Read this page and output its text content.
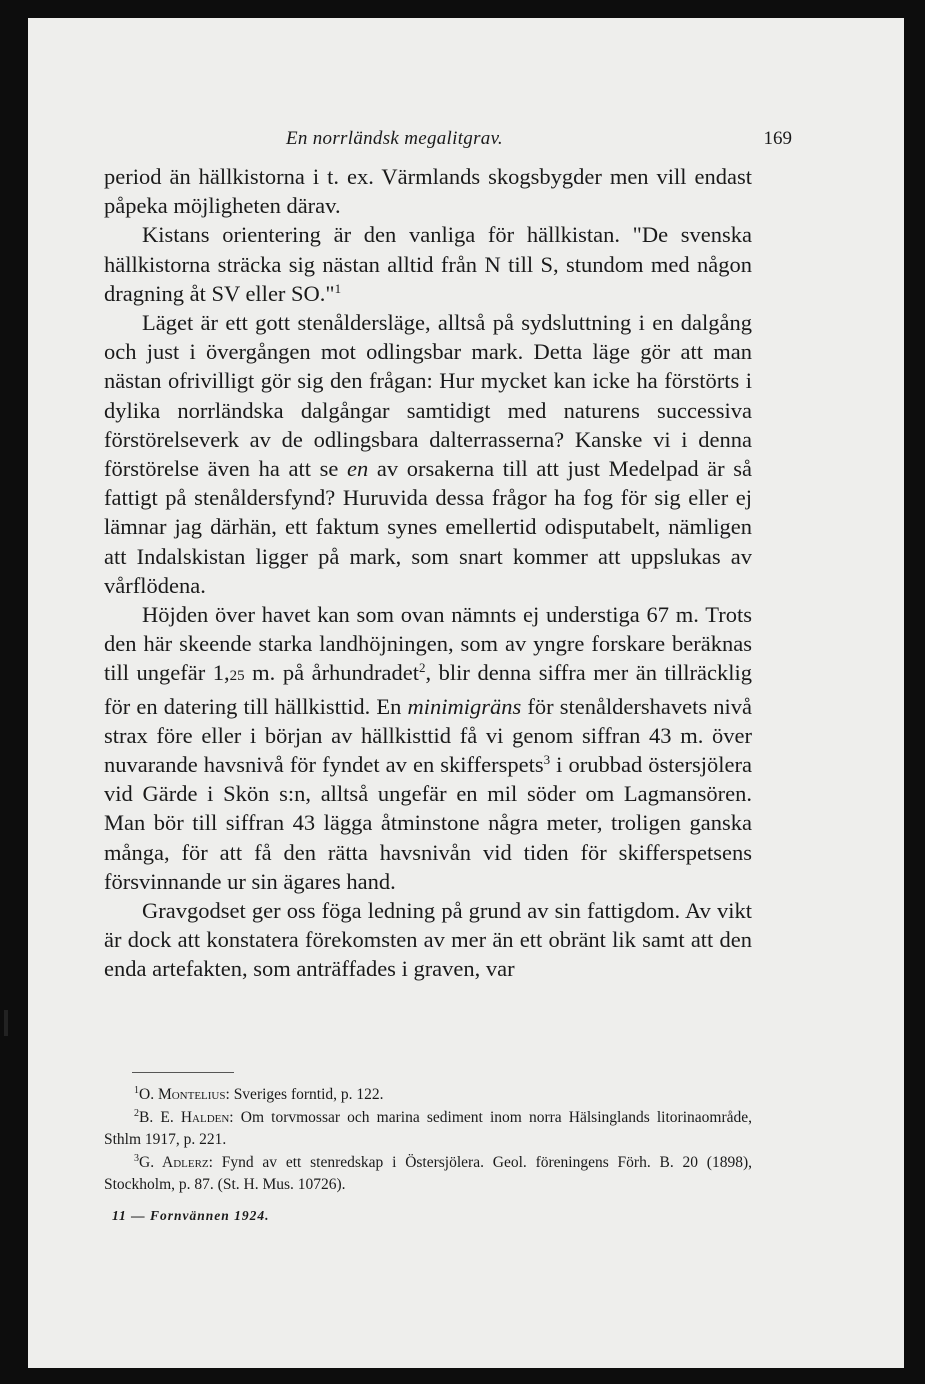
En norrländsk megalitgrav.	169

period än hällkistorna i t. ex. Värmlands skogsbygder men vill endast påpeka möjligheten därav.

Kistans orientering är den vanliga för hällkistan. "De svenska hällkistorna sträcka sig nästan alltid från N till S, stundom med någon dragning åt SV eller SO."$^1$

Läget är ett gott stenåldersläge, alltså på sydsluttning i en dalgång och just i övergången mot odlingsbar mark. Detta läge gör att man nästan ofrivilligt gör sig den frågan: Hur mycket kan icke ha förstörts i dylika norrländska dalgångar samtidigt med naturens successiva förstörelseverk av de odlingsbara dalterrasserna? Kanske vi i denna förstörelse även ha att se en av orsakerna till att just Medelpad är så fattigt på stenåldersfynd? Huruvida dessa frågor ha fog för sig eller ej lämnar jag därhän, ett faktum synes emellertid odisputabelt, nämligen att Indalskistan ligger på mark, som snart kommer att uppslukas av vårflödena.

Höjden över havet kan som ovan nämnts ej understiga 67 m. Trots den här skeende starka landhöjningen, som av yngre forskare beräknas till ungefär 1,25 m. på århundradet$^2$, blir denna siffra mer än tillräcklig för en datering till hällkisttid. En minimigräns för stenåldershavets nivå strax före eller i början av hällkisttid få vi genom siffran 43 m. över nuvarande havsnivå för fyndet av en skifferspets$^3$ i orubbad östersjölera vid Gärde i Skön s:n, alltså ungefär en mil söder om Lagmansören. Man bör till siffran 43 lägga åtminstone några meter, troligen ganska många, för att få den rätta havsnivån vid tiden för skifferspetsens försvinnande ur sin ägares hand.

Gravgodset ger oss föga ledning på grund av sin fattigdom. Av vikt är dock att konstatera förekomsten av mer än ett obränt lik samt att den enda artefakten, som anträffades i graven, var

$^1$O. Montelius: Sveriges forntid, p. 122.

$^2$B. E. Halden: Om torvmossar och marina sediment inom norra Hälsinglands litorinaområde, Sthlm 1917, p. 221.

$^3$G. Adlerz: Fynd av ett stenredskap i Östersjölera. Geol. föreningens Förh. B. 20 (1898), Stockholm, p. 87. (St. H. Mus. 10726).

11 — Fornvännen 1924.
